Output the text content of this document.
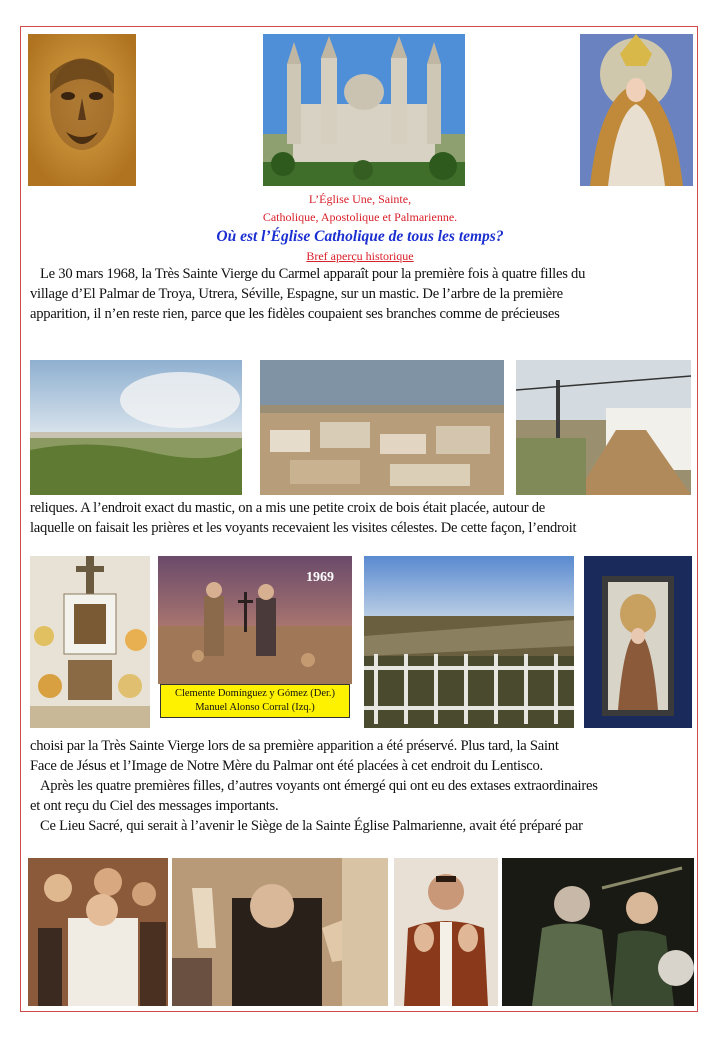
L’Église Une, Sainte,
Catholique, Apostolique et Palmarienne.
Où est l’Église Catholique de tous les temps?
Bref aperçu historique
Le 30 mars 1968, la Très Sainte Vierge du Carmel apparaît pour la première fois à quatre filles du
village d’El Palmar de Troya, Utrera, Séville, Espagne, sur un mastic. De l’arbre de la première
apparition, il n’en reste rien, parce que les fidèles coupaient ses branches comme de précieuses
reliques. A l’endroit exact du mastic, on a mis une petite croix de bois était placée, autour de
laquelle on faisait les prières et les voyants recevaient les visites célestes. De cette façon, l’endroit
1969
Clemente Domínguez y Gómez (Der.)
Manuel Alonso Corral (Izq.)
choisi par la Très Sainte Vierge lors de sa première apparition a été préservé. Plus tard, la Saint
Face de Jésus et l’Image de Notre Mère du Palmar ont été placées à cet endroit du Lentisco.
Après les quatre premières filles, d’autres voyants ont émergé qui ont eu des extases extraordinaires
et ont reçu du Ciel des messages importants.
Ce Lieu Sacré, qui serait à l’avenir le Siège de la Sainte Église Palmarienne, avait été préparé par
